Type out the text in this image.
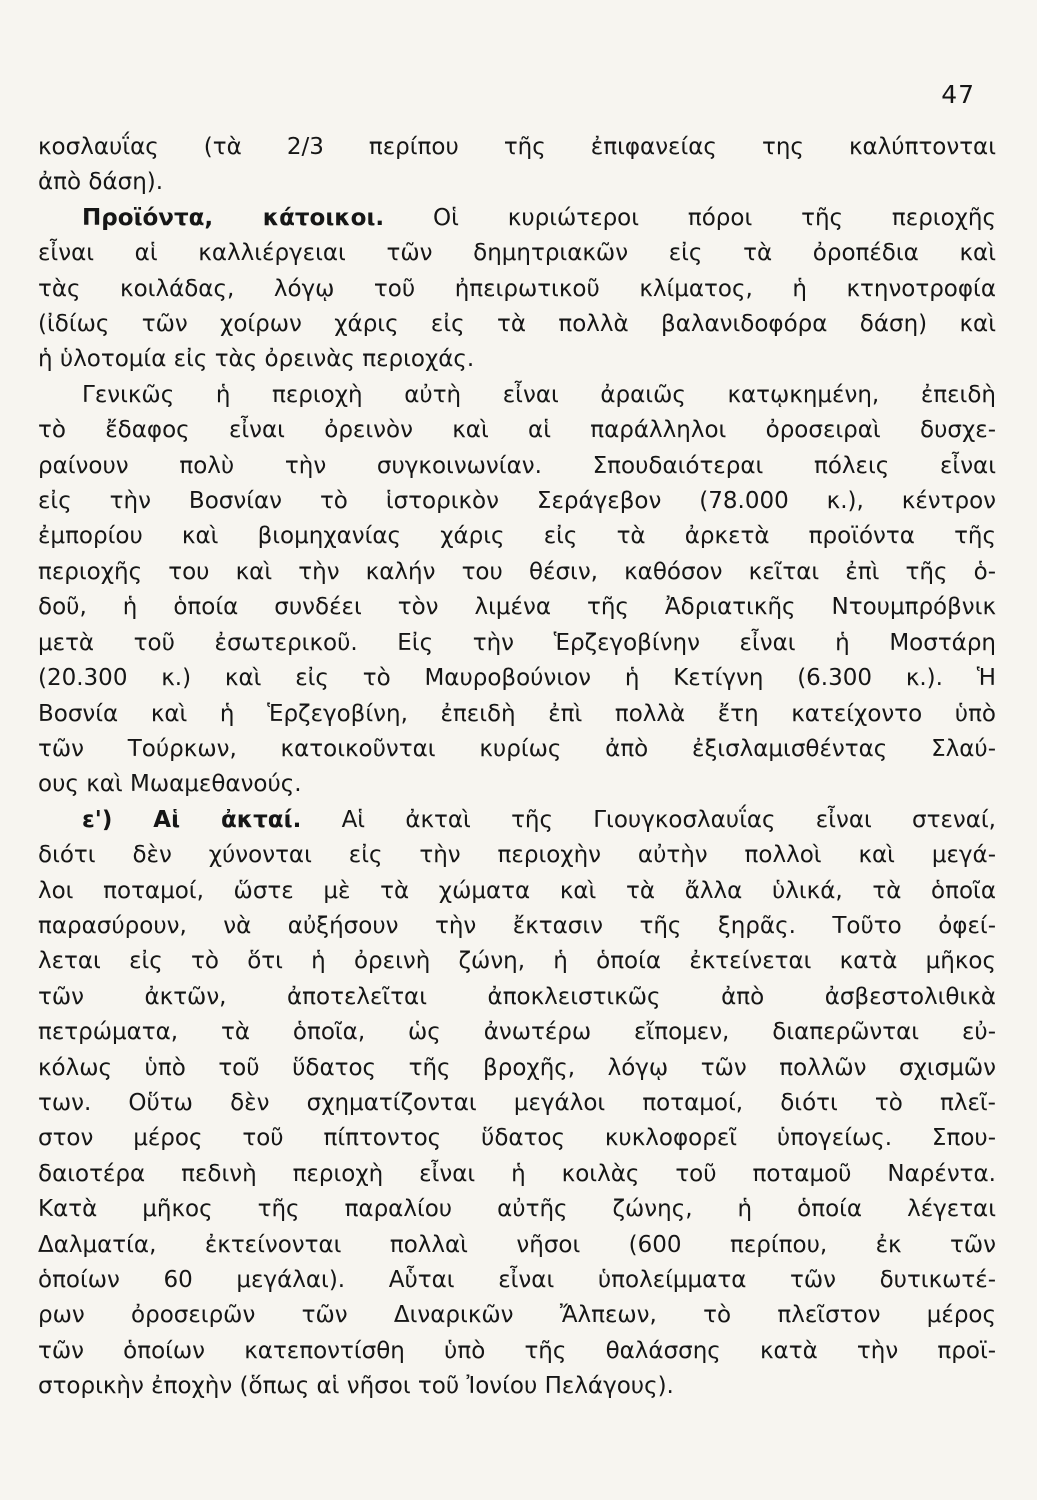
47
κοσλαυΐας (τὰ 2/3 περίπου τῆς ἐπιφανείας της καλύπτονται
ἀπὸ δάση).
Προϊόντα, κάτοικοι. Οἱ κυριώτεροι πόροι τῆς περιοχῆς
εἶναι αἱ καλλιέργειαι τῶν δημητριακῶν εἰς τὰ ὀροπέδια καὶ
τὰς κοιλάδας, λόγῳ τοῦ ἠπειρωτικοῦ κλίματος, ἡ κτηνοτροφία
(ἰδίως τῶν χοίρων χάρις εἰς τὰ πολλὰ βαλανιδοφόρα δάση) καὶ
ἡ ὑλοτομία εἰς τὰς ὀρεινὰς περιοχάς.
Γενικῶς ἡ περιοχὴ αὐτὴ εἶναι ἀραιῶς κατῳκημένη, ἐπειδὴ
τὸ ἔδαφος εἶναι ὀρεινὸν καὶ αἱ παράλληλοι ὀροσειραὶ δυσχε-
ραίνουν πολὺ τὴν συγκοινωνίαν. Σπουδαιότεραι πόλεις εἶναι
εἰς τὴν Βοσνίαν τὸ ἱστορικὸν Σεράγεβον (78.000 κ.), κέντρον
ἐμπορίου καὶ βιομηχανίας χάρις εἰς τὰ ἀρκετὰ προϊόντα τῆς
περιοχῆς του καὶ τὴν καλήν του θέσιν, καθόσον κεῖται ἐπὶ τῆς ὁ-
δοῦ, ἡ ὁποία συνδέει τὸν λιμένα τῆς Ἀδριατικῆς Ντουμπρόβνικ
μετὰ τοῦ ἐσωτερικοῦ. Εἰς τὴν Ἑρζεγοβίνην εἶναι ἡ Μοστάρη
(20.300 κ.) καὶ εἰς τὸ Μαυροβούνιον ἡ Κετίγνη (6.300 κ.). Ἡ
Βοσνία καὶ ἡ Ἑρζεγοβίνη, ἐπειδὴ ἐπὶ πολλὰ ἔτη κατείχοντο ὑπὸ
τῶν Τούρκων, κατοικοῦνται κυρίως ἀπὸ ἐξισλαμισθέντας Σλαύ-
ους καὶ Μωαμεθανούς.
ε') Αἱ ἀκταί. Αἱ ἀκταὶ τῆς Γιουγκοσλαυΐας εἶναι στεναί,
διότι δὲν χύνονται εἰς τὴν περιοχὴν αὐτὴν πολλοὶ καὶ μεγά-
λοι ποταμοί, ὥστε μὲ τὰ χώματα καὶ τὰ ἄλλα ὑλικά, τὰ ὁποῖα
παρασύρουν, νὰ αὐξήσουν τὴν ἔκτασιν τῆς ξηρᾶς. Τοῦτο ὀφεί-
λεται εἰς τὸ ὅτι ἡ ὀρεινὴ ζώνη, ἡ ὁποία ἐκτείνεται κατὰ μῆκος
τῶν ἀκτῶν, ἀποτελεῖται ἀποκλειστικῶς ἀπὸ ἀσβεστολιθικὰ
πετρώματα, τὰ ὁποῖα, ὡς ἀνωτέρω εἴπομεν, διαπερῶνται εὐ-
κόλως ὑπὸ τοῦ ὕδατος τῆς βροχῆς, λόγῳ τῶν πολλῶν σχισμῶν
των. Οὕτω δὲν σχηματίζονται μεγάλοι ποταμοί, διότι τὸ πλεῖ-
στον μέρος τοῦ πίπτοντος ὕδατος κυκλοφορεῖ ὑπογείως. Σπου-
δαιοτέρα πεδινὴ περιοχὴ εἶναι ἡ κοιλὰς τοῦ ποταμοῦ Ναρέντα.
Κατὰ μῆκος τῆς παραλίου αὐτῆς ζώνης, ἡ ὁποία λέγεται
Δαλματία, ἐκτείνονται πολλαὶ νῆσοι (600 περίπου, ἐκ τῶν
ὁποίων 60 μεγάλαι). Αὗται εἶναι ὑπολείμματα τῶν δυτικωτέ-
ρων ὀροσειρῶν τῶν Διναρικῶν Ἄλπεων, τὸ πλεῖστον μέρος
τῶν ὁποίων κατεποντίσθη ὑπὸ τῆς θαλάσσης κατὰ τὴν προϊ-
στορικὴν ἐποχὴν (ὅπως αἱ νῆσοι τοῦ Ἰονίου Πελάγους).
